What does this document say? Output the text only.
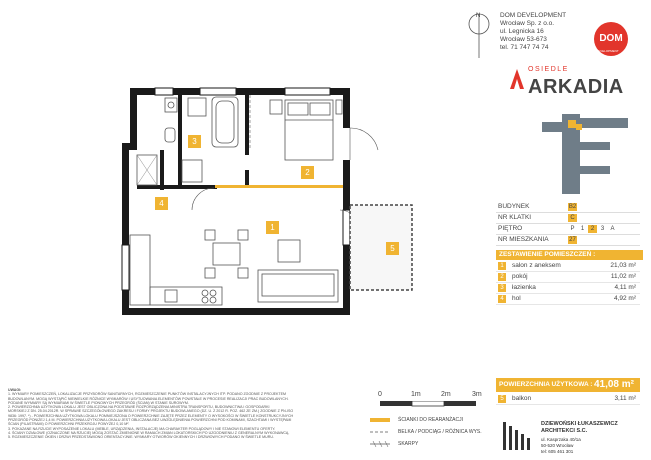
1
2
3
4
5
N	DOM DEVELOPMENT
Wrocław Sp. z o.o.
ul. Legnicka 16
Wrocław 53-673
tel. 71 747 74 74
DOM
DEVELOPMENT
OSIEDLE
ARKADIA
BUDYNEK	B2
NR KLATKI	C
PIĘTRO	P	1	2	3	A
NR MIESZKANIA	27
ZESTAWIENIE POMIESZCZEŃ :
1	salon z aneksem	21,03 m²
2	pokój	11,02 m²
3	łazienka	4,11 m²
4	hol	4,92 m²
POWIERZCHNIA UŻYTKOWA : 41,08 m²
5	balkon	3,11 m²

UWAGI:

1. WYMIARY POMIESZCZEŃ, LOKALIZACJE PRZYBORÓW SANITARNYCH, ROZMIESZCZENIE PUNKTÓW INSTALACYJNYCH ITP. PODANO ZGODNIE Z PROJEKTEM

BUDOWLANYM. MOGĄ WYSTĄPIĆ NIEWIELKIE RÓŻNICE WYMIARÓW I USYTUOWANIA ELEMENTÓW POWSTAŁE W PROCESIE REALIZACJI PRAC BUDOWLANYCH.

PODANE WYMIARY SĄ WYMIARAMI W ŚWIETLE PIONOWYCH PRZEGRÓD (ŚCIAN) W STANIE SUROWYM.

2. POWIERZCHNIA UŻYTKOWA LOKALU JEST OBLICZONA NA PODSTAWIE ROZPORZĄDZENIA MINISTRA TRANSPORTU, BUDOWNICTWA I GOSPODARKI

MORSKIEJ Z DN. 25.04.2012R. W SPRAWIE SZCZEGÓŁOWEGO ZAKRESU I FORMY PROJEKTU BUDOWLANEGO (DZ. U. Z 2012 R. POZ. 462 ZE ZM.) ZGODNIE Z PN-ISO

9836: 1997. *) - POWIERZCHNIA UŻYTKOWA LOKALU POMNIEJSZONA O POWIERZCHNIE ZAJĘTE PRZEZ ELEMENTY O WYSOKOŚCI W ŚWIETLE KONSTRUKCYJNYCH

PRZEGRÓD PONIŻEJ 1,4 M. POWIERZCHNIA UŻYTKOWA LOKALU JEST OBLICZANA BEZ UWZGLĘDNIENIA POWIERZCHNI POD KOMINAMI, SZACHTAMI I WYSTĘPAMI

ŚCIAN (PILASTRAMI) O POWIERZCHNI PRZEKROJU POWYŻEJ 0,10 M².

3. POKAZANE NA RZUCIE WYPOSAŻENIE LOKALU (MEBLE, URZĄDZENIA, INSTALACJE) MA CHARAKTER POGLĄDOWY I NIE STANOWI ELEMENTU OFERTY.

4. ŚCIANY DZIAŁOWE (OZNACZONE NA RZUCIE) MOGĄ ZOSTAĆ ZMIENIONE W RAMACH ZMIAN LOKATORSKICH PO UZGODNIENIU Z GENERALNYM WYKONAWCĄ.

5. ROZMIESZCZENIE OKIEN I DRZWI PRZEDSTAWIONO ORIENTACYJNIE. WYMIARY OTWORÓW OKIENNYCH I DRZWIOWYCH PODANO W ŚWIETLE MURU.

0	1m	2m	3m
ŚCIANKI DO REARANŻACJI
BELKA / PODCIĄG / RÓŻNICA WYS.
SKARPY
DZIEWOŃSKI ŁUKASZEWICZ
ARCHITEKCI S.C.
ul. Kasprzaka 40/1a
50-520 Wrocław
tel: 605 461 301
